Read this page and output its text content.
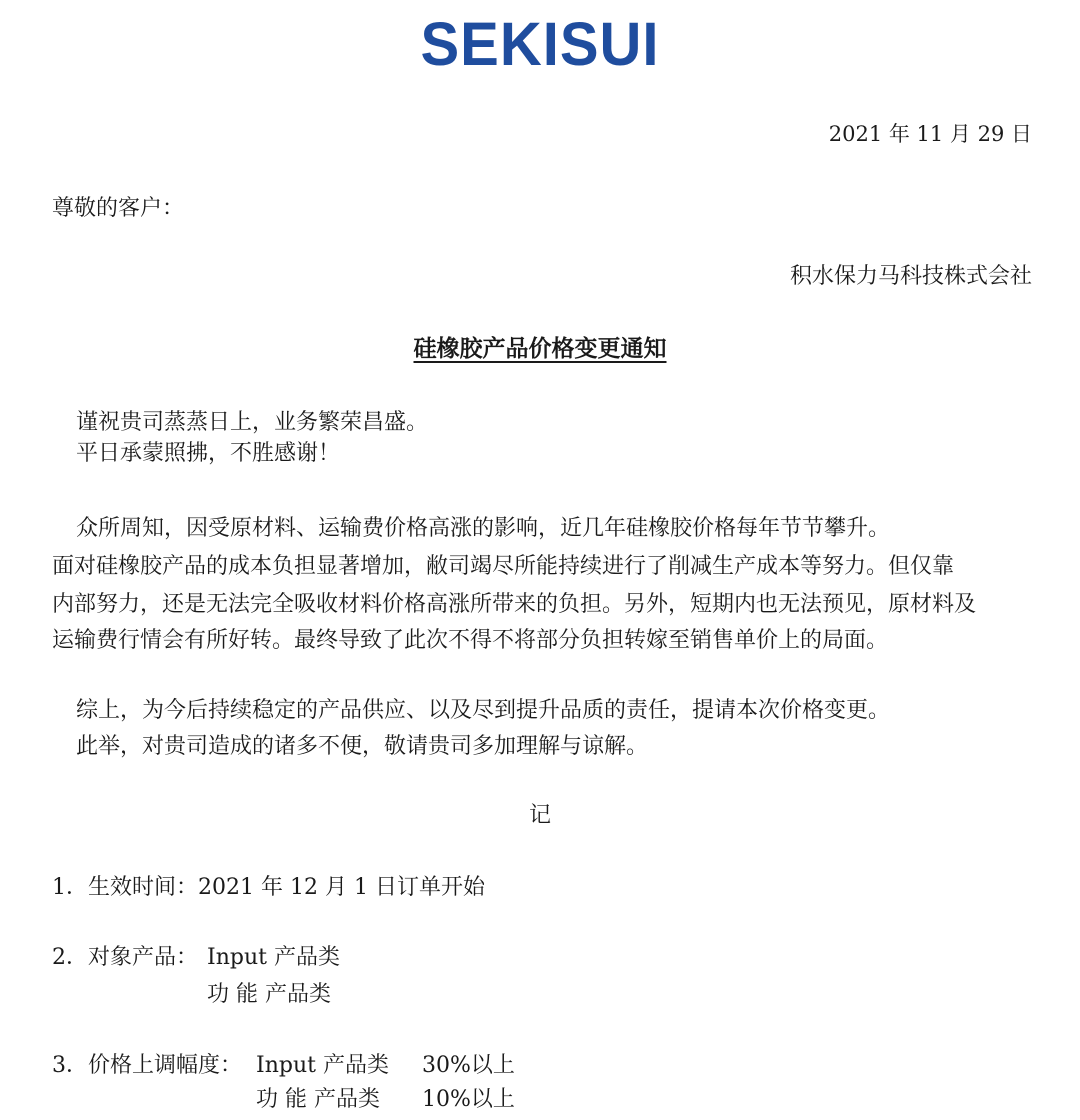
SEKISUI
2021 年 11 月 29 日
尊敬的客户：
积水保力马科技株式会社
硅橡胶产品价格变更通知
谨祝贵司蒸蒸日上，业务繁荣昌盛。
平日承蒙照拂，不胜感谢！
众所周知，因受原材料、运输费价格高涨的影响，近几年硅橡胶价格每年节节攀升。
面对硅橡胶产品的成本负担显著增加，敝司竭尽所能持续进行了削减生产成本等努力。但仅靠
内部努力，还是无法完全吸收材料价格高涨所带来的负担。另外，短期内也无法预见，原材料及
运输费行情会有所好转。最终导致了此次不得不将部分负担转嫁至销售单价上的局面。
综上，为今后持续稳定的产品供应、以及尽到提升品质的责任，提请本次价格变更。
此举，对贵司造成的诸多不便，敬请贵司多加理解与谅解。
记
1．生效时间：2021 年 12 月 1 日订单开始
2．对象产品： Input 产品类
功 能 产品类
3．价格上调幅度： Input 产品类 30%以上
功 能 产品类 10%以上
